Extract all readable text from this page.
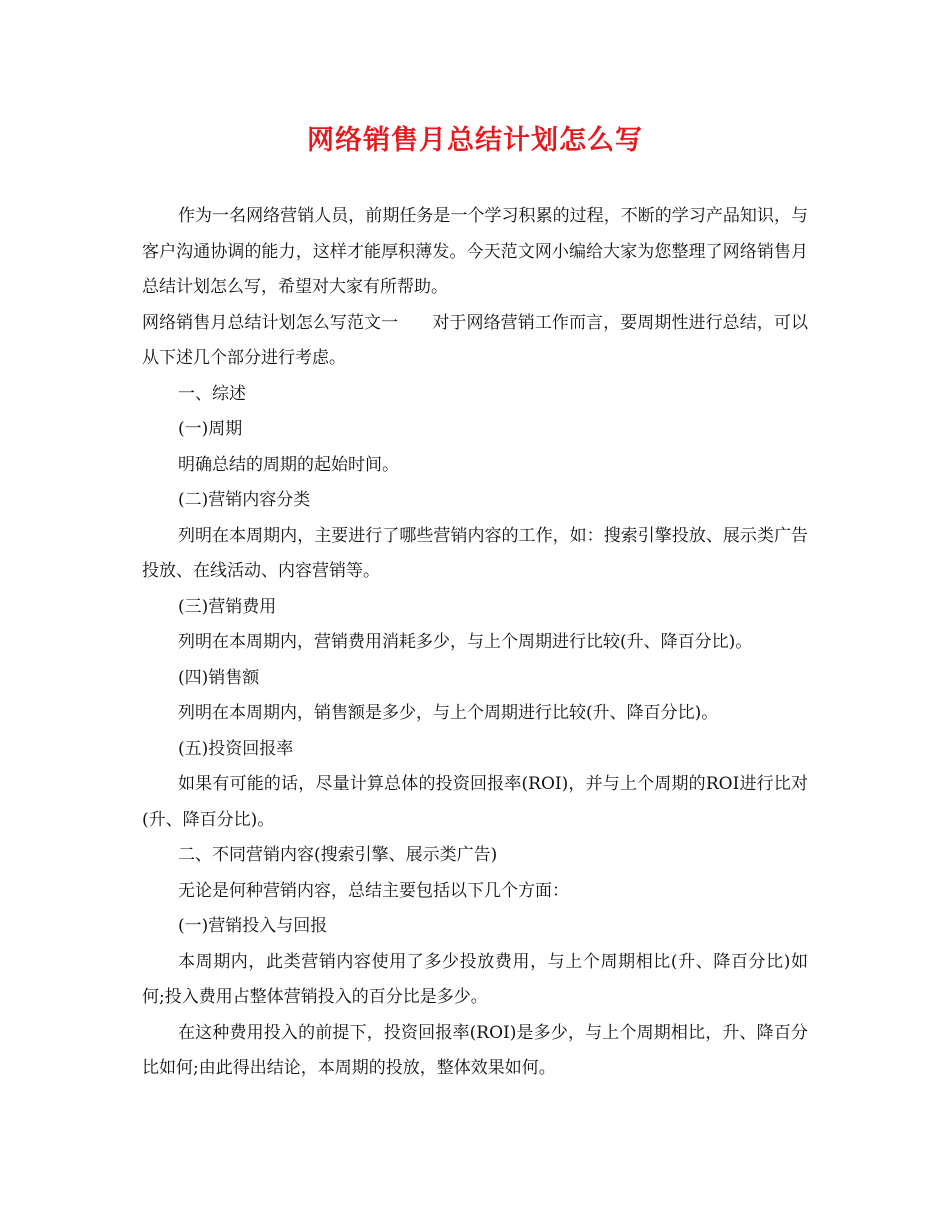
网络销售月总结计划怎么写

作为一名网络营销人员，前期任务是一个学习积累的过程，不断的学习产品知识，与客户沟通协调的能力，这样才能厚积薄发。今天范文网小编给大家为您整理了网络销售月总结计划怎么写，希望对大家有所帮助。

网络销售月总结计划怎么写范文一　　对于网络营销工作而言，要周期性进行总结，可以从下述几个部分进行考虑。

一、综述

(一)周期

明确总结的周期的起始时间。

(二)营销内容分类

列明在本周期内，主要进行了哪些营销内容的工作，如：搜索引擎投放、展示类广告投放、在线活动、内容营销等。

(三)营销费用

列明在本周期内，营销费用消耗多少，与上个周期进行比较(升、降百分比)。

(四)销售额

列明在本周期内，销售额是多少，与上个周期进行比较(升、降百分比)。

(五)投资回报率

如果有可能的话，尽量计算总体的投资回报率(ROI)，并与上个周期的ROI进行比对(升、降百分比)。

二、不同营销内容(搜索引擎、展示类广告)

无论是何种营销内容，总结主要包括以下几个方面：

(一)营销投入与回报

本周期内，此类营销内容使用了多少投放费用，与上个周期相比(升、降百分比)如何;投入费用占整体营销投入的百分比是多少。

在这种费用投入的前提下，投资回报率(ROI)是多少，与上个周期相比，升、降百分比如何;由此得出结论，本周期的投放，整体效果如何。
